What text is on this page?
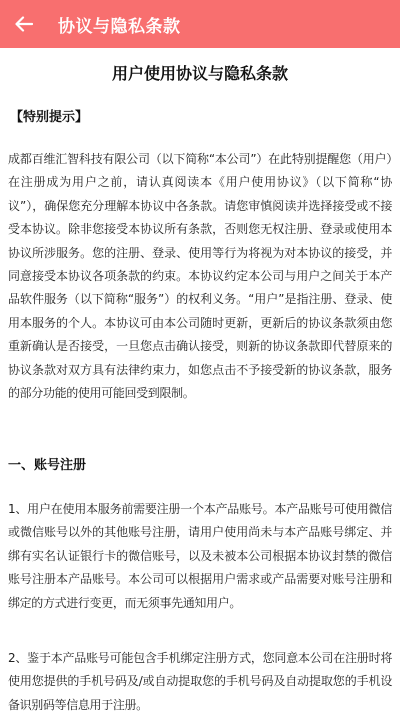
协议与隐私条款
用户使用协议与隐私条款
【特别提示】

成都百维汇智科技有限公司（以下简称“本公司”）在此特别提醒您（用户）在注册成为用户之前，请认真阅读本《用户使用协议》（以下简称“协议”），确保您充分理解本协议中各条款。请您审慎阅读并选择接受或不接受本协议。除非您接受本协议所有条款，否则您无权注册、登录或使用本协议所涉服务。您的注册、登录、使用等行为将视为对本协议的接受，并同意接受本协议各项条款的约束。本协议约定本公司与用户之间关于本产品软件服务（以下简称“服务”）的权利义务。“用户”是指注册、登录、使用本服务的个人。本协议可由本公司随时更新，更新后的协议条款须由您重新确认是否接受，一旦您点击确认接受，则新的协议条款即代替原来的协议条款对双方具有法律约束力，如您点击不予接受新的协议条款，服务的部分功能的使用可能回受到限制。

一、账号注册

1、用户在使用本服务前需要注册一个本产品账号。本产品账号可使用微信或微信账号以外的其他账号注册，请用户使用尚未与本产品账号绑定、并绑有实名认证银行卡的微信账号，以及未被本公司根据本协议封禁的微信账号注册本产品账号。本公司可以根据用户需求或产品需要对账号注册和绑定的方式进行变更，而无须事先通知用户。

2、鉴于本产品账号可能包含手机绑定注册方式，您同意本公司在注册时将使用您提供的手机号码及/或自动提取您的手机号码及自动提取您的手机设备识别码等信息用于注册。
